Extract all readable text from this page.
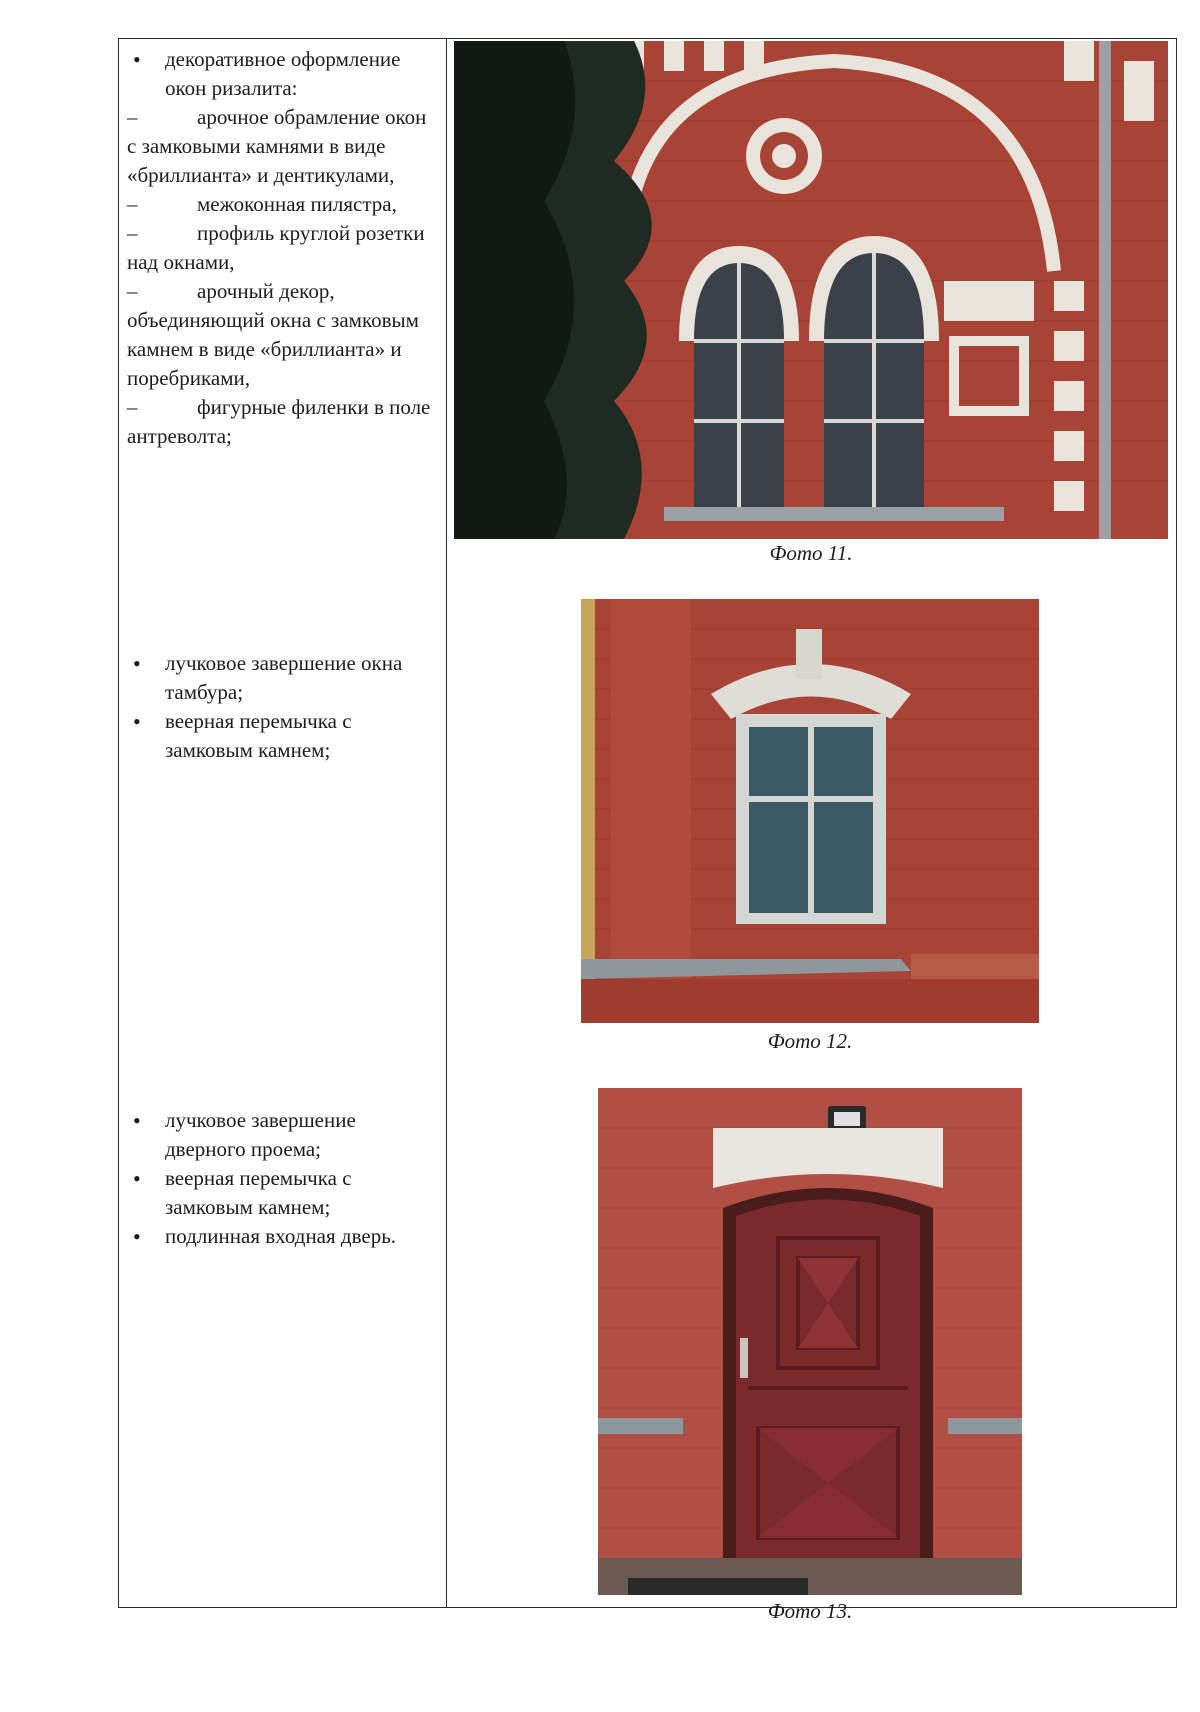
• декоративное оформление окон ризалита:
–	арочное обрамление окон с замковыми камнями в виде «бриллианта» и дентикулами,
–	межоконная пилястра,
–	профиль круглой розетки над окнами,
–	арочный декор, объединяющий окна с замковым камнем в виде «бриллианта» и поребриками,
–	фигурные филенки в поле антреволта;
• лучковое завершение окна тамбура;
• веерная перемычка с замковым камнем;
• лучковое завершение дверного проема;
• веерная перемычка с замковым камнем;
• подлинная входная дверь.
Фото 11.
Фото 12.
Фото 13.
